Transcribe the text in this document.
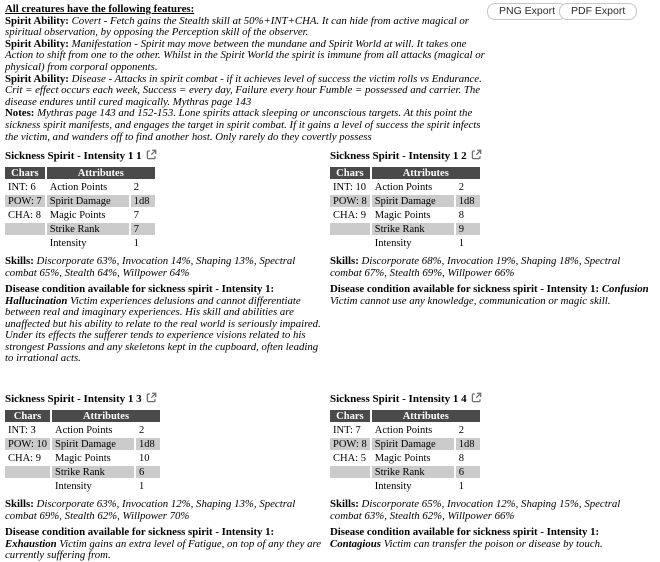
All creatures have the following features:
Spirit Ability: Covert - Fetch gains the Stealth skill at 50%+INT+CHA. It can hide from active magical or spiritual observation, by opposing the Perception skill of the observer.
Spirit Ability: Manifestation - Spirit may move between the mundane and Spirit World at will. It takes one Action to shift from one to the other. Whilst in the Spirit World the spirit is immune from all attacks (magical or physical) from corporal opponents.
Spirit Ability: Disease - Attacks in spirit combat - if it achieves level of success the victim rolls vs Endurance. Crit = effect occurs each week, Success = every day, Failure every hour Fumble = possessed and carrier. The disease endures until cured magically. Mythras page 143
Notes: Mythras page 143 and 152-153. Lone spirits attack sleeping or unconscious targets. At this point the sickness spirit manifests, and engages the target in spirit combat. If it gains a level of success the spirit infects the victim, and wanders off to find another host. Only rarely do they covertly possess
PNG Export	PDF Export
Sickness Spirit - Intensity 1 1
Chars	Attributes	
INT: 6	Action Points	2
POW: 7	Spirit Damage	1d8
CHA: 8	Magic Points	7
	Strike Rank	7
	Intensity	1
Skills: Discorporate 63%, Invocation 14%, Shaping 13%, Spectral combat 65%, Stealth 64%, Willpower 64%
Disease condition available for sickness spirit - Intensity 1: Hallucination Victim experiences delusions and cannot differentiate between real and imaginary experiences. His skill and abilities are unaffected but his ability to relate to the real world is seriously impaired. Under its effects the sufferer tends to experience visions related to his strongest Passions and any skeletons kept in the cupboard, often leading to irrational acts.
Sickness Spirit - Intensity 1 2
Chars	Attributes	
INT: 10	Action Points	2
POW: 8	Spirit Damage	1d8
CHA: 9	Magic Points	8
	Strike Rank	9
	Intensity	1
Skills: Discorporate 68%, Invocation 19%, Shaping 18%, Spectral combat 67%, Stealth 69%, Willpower 66%
Disease condition available for sickness spirit - Intensity 1: Confusion Victim cannot use any knowledge, communication or magic skill.
Sickness Spirit - Intensity 1 3
Chars	Attributes	
INT: 3	Action Points	2
POW: 10	Spirit Damage	1d8
CHA: 9	Magic Points	10
	Strike Rank	6
	Intensity	1
Skills: Discorporate 63%, Invocation 12%, Shaping 13%, Spectral combat 69%, Stealth 62%, Willpower 70%
Disease condition available for sickness spirit - Intensity 1: Exhaustion Victim gains an extra level of Fatigue, on top of any they are currently suffering from.
Sickness Spirit - Intensity 1 4
Chars	Attributes	
INT: 7	Action Points	2
POW: 8	Spirit Damage	1d8
CHA: 5	Magic Points	8
	Strike Rank	6
	Intensity	1
Skills: Discorporate 65%, Invocation 12%, Shaping 15%, Spectral combat 63%, Stealth 62%, Willpower 66%
Disease condition available for sickness spirit - Intensity 1: Contagious Victim can transfer the poison or disease by touch.
